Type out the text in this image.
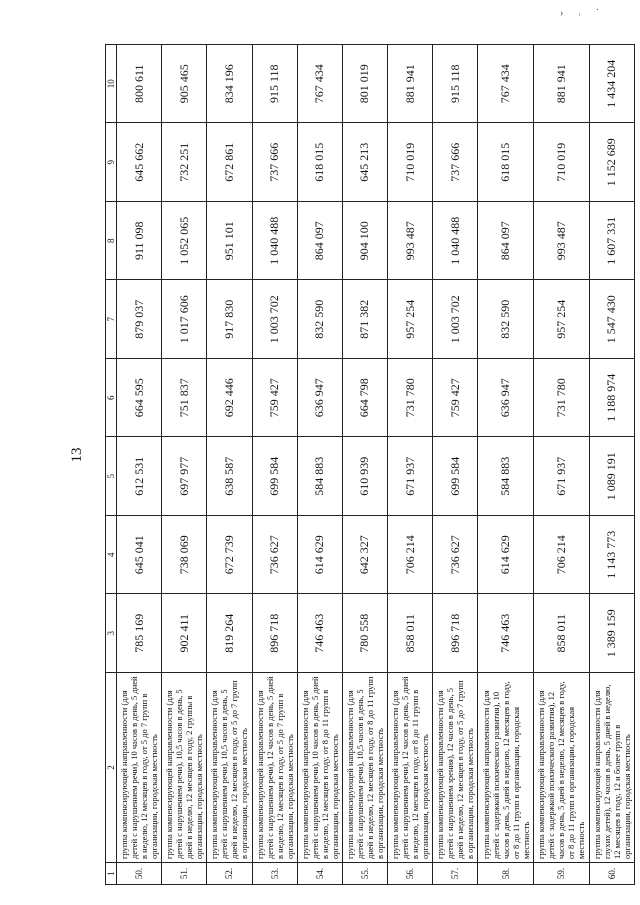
› ˒ ˙
13
1	2	3	4	5	6	7	8	9	10
50.	группа компенсирующей направленности (для детей с нарушением речи), 10 часов в день, 5 дней в неделю, 12 месяцев в году, от 5 до 7 групп в организации, городская местность	785 169	645 041	612 531	664 595	879 037	911 098	645 662	800 611
51.	группа компенсирующей направленности (для детей с нарушением речи), 10,5 часов в день, 5 дней в неделю, 12 месяцев в году, 2 группы в организации, городская местность	902 411	738 069	697 977	751 837	1 017 606	1 052 065	732 251	905 465
52.	группа компенсирующей направленности (для детей с нарушением речи), 10,5 часов в день, 5 дней в неделю, 12 месяцев в году, от 5 до 7 групп в организации, городская местность	819 264	672 739	638 587	692 446	917 830	951 101	672 861	834 196
53.	группа компенсирующей направленности (для детей с нарушением речи), 12 часов в день, 5 дней в неделю, 12 месяцев в году, от 5 до 7 групп в организации, городская местность	896 718	736 627	699 584	759 427	1 003 702	1 040 488	737 666	915 118
54.	группа компенсирующей направленности (для детей с нарушением речи), 10 часов в день, 5 дней в неделю, 12 месяцев в году, от 8 до 11 групп в организации, городская местность	746 463	614 629	584 883	636 947	832 590	864 097	618 015	767 434
55.	группа компенсирующей направленности (для детей с нарушением речи), 10,5 часов в день, 5 дней в неделю, 12 месяцев в году, от 8 до 11 групп в организации, городская местность	780 558	642 327	610 939	664 798	871 382	904 100	645 213	801 019
56.	группа компенсирующей направленности (для детей с нарушением речи), 12 часов в день, 5 дней в неделю, 12 месяцев в году, от 8 до 11 групп в организации, городская местность	858 011	706 214	671 937	731 780	957 254	993 487	710 019	881 941
57.	группа компенсирующей направленности (для детей с нарушением зрения), 12 часов в день, 5 дней в неделю, 12 месяцев в году, от 5 до 7 групп в организации, городская местность	896 718	736 627	699 584	759 427	1 003 702	1 040 488	737 666	915 118
58.	группа компенсирующей направленности (для детей с задержкой психического развития), 10 часов в день, 5 дней в неделю, 12 месяцев в году, от 8 до 11 групп в организации, городская местность	746 463	614 629	584 883	636 947	832 590	864 097	618 015	767 434
59.	группа компенсирующей направленности (для детей с задержкой психического развития), 12 часов в день, 5 дней в неделю, 12 месяцев в году, от 8 до 11 групп в организации, городская местность	858 011	706 214	671 937	731 780	957 254	993 487	710 019	881 941
60.	группа компенсирующей направленности (для глухих детей), 12 часов в день, 5 дней в неделю, 12 месяцев в году, 12 и более групп в организации, городская местность	1 389 159	1 143 773	1 089 191	1 188 974	1 547 430	1 607 331	1 152 689	1 434 204
